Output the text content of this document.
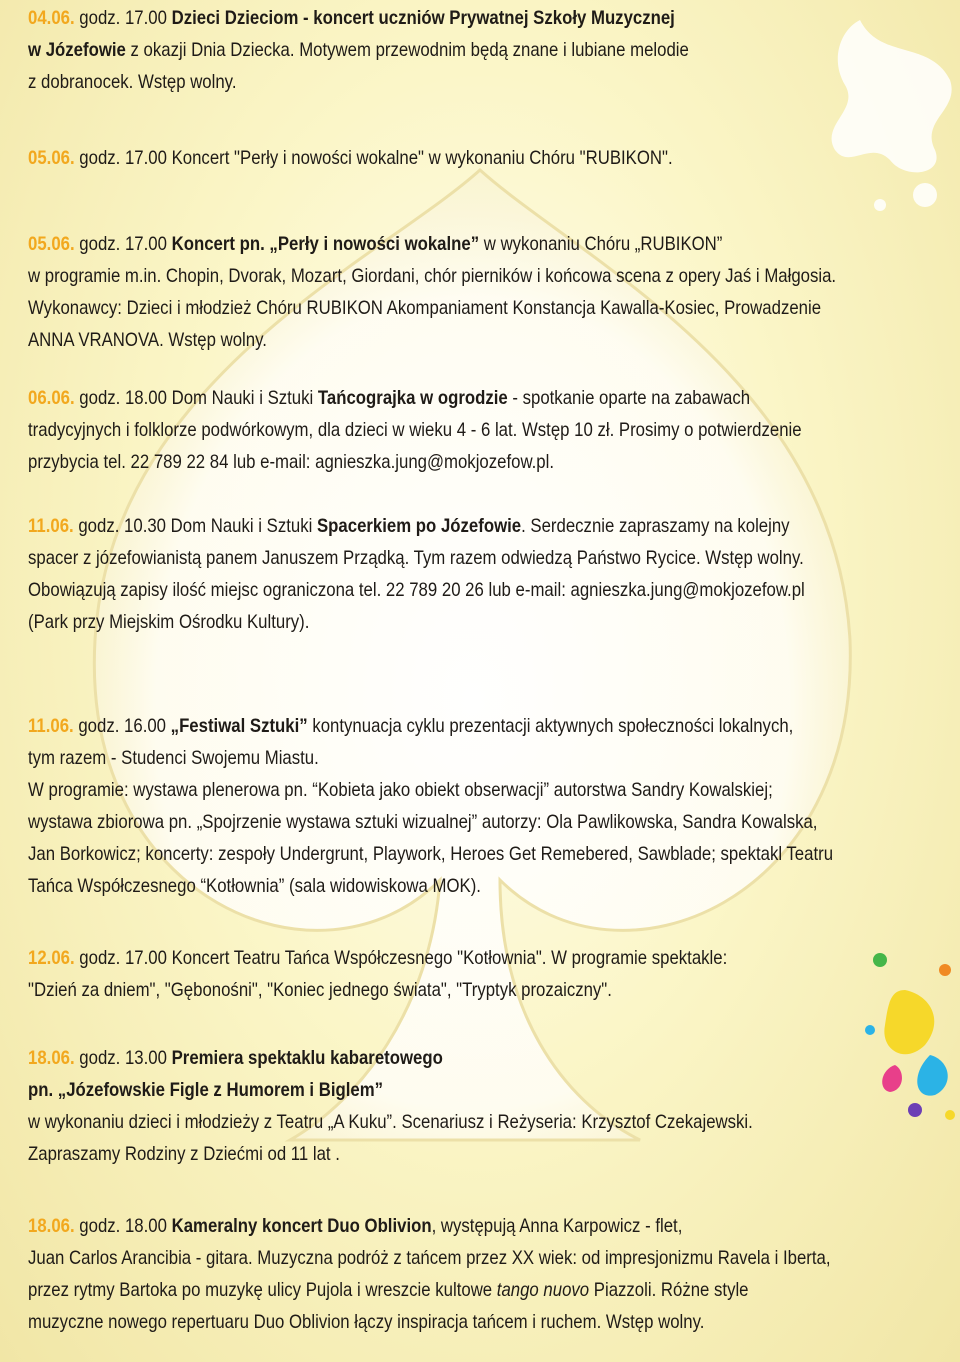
04.06. godz. 17.00 Dzieci Dzieciom - koncert uczniów Prywatnej Szkoły Muzycznej
w Józefowie z okazji Dnia Dziecka. Motywem przewodnim będą znane i lubiane melodie
z dobranocek. Wstęp wolny.
05.06. godz. 17.00 Koncert "Perły i nowości wokalne" w wykonaniu Chóru "RUBIKON".
05.06. godz. 17.00 Koncert pn. „Perły i nowości wokalne” w wykonaniu Chóru „RUBIKON”
w programie m.in. Chopin, Dvorak, Mozart, Giordani, chór pierników i końcowa scena z opery Jaś i Małgosia.
Wykonawcy: Dzieci i młodzież Chóru RUBIKON Akompaniament Konstancja Kawalla-Kosiec, Prowadzenie
ANNA VRANOVA. Wstęp wolny.
06.06. godz. 18.00 Dom Nauki i Sztuki Tańcograjka w ogrodzie - spotkanie oparte na zabawach
tradycyjnych i folklorze podwórkowym, dla dzieci w wieku 4 - 6 lat. Wstęp 10 zł. Prosimy o potwierdzenie
przybycia tel. 22 789 22 84 lub e-mail: agnieszka.jung@mokjozefow.pl.
11.06. godz. 10.30 Dom Nauki i Sztuki Spacerkiem po Józefowie. Serdecznie zapraszamy na kolejny
spacer z józefowianistą panem Januszem Prządką. Tym razem odwiedzą Państwo Rycice. Wstęp wolny.
Obowiązują zapisy ilość miejsc ograniczona tel. 22 789 20 26 lub e-mail: agnieszka.jung@mokjozefow.pl
(Park przy Miejskim Ośrodku Kultury).
11.06. godz. 16.00 „Festiwal Sztuki” kontynuacja cyklu prezentacji aktywnych społeczności lokalnych,
tym razem - Studenci Swojemu Miastu.
W programie: wystawa plenerowa pn. “Kobieta jako obiekt obserwacji” autorstwa Sandry Kowalskiej;
wystawa zbiorowa pn. „Spojrzenie wystawa sztuki wizualnej” autorzy: Ola Pawlikowska, Sandra Kowalska,
Jan Borkowicz; koncerty: zespoły Undergrunt, Playwork, Heroes Get Remebered, Sawblade; spektakl Teatru
Tańca Współczesnego “Kotłownia” (sala widowiskowa MOK).
12.06. godz. 17.00 Koncert Teatru Tańca Współczesnego "Kotłownia". W programie spektakle:
"Dzień za dniem", "Gębonośni", "Koniec jednego świata", "Tryptyk prozaiczny".
18.06. godz. 13.00 Premiera spektaklu kabaretowego
pn. „Józefowskie Figle z Humorem i Biglem”
w wykonaniu dzieci i młodzieży z Teatru „A Kuku”. Scenariusz i Reżyseria: Krzysztof Czekajewski.
Zapraszamy Rodziny z Dziećmi od 11 lat .
18.06. godz. 18.00 Kameralny koncert Duo Oblivion, występują Anna Karpowicz - flet,
Juan Carlos Arancibia - gitara. Muzyczna podróż z tańcem przez XX wiek: od impresjonizmu Ravela i Iberta,
przez rytmy Bartoka po muzykę ulicy Pujola i wreszcie kultowe tango nuovo Piazzoli. Różne style
muzyczne nowego repertuaru Duo Oblivion łączy inspiracja tańcem i ruchem. Wstęp wolny.
